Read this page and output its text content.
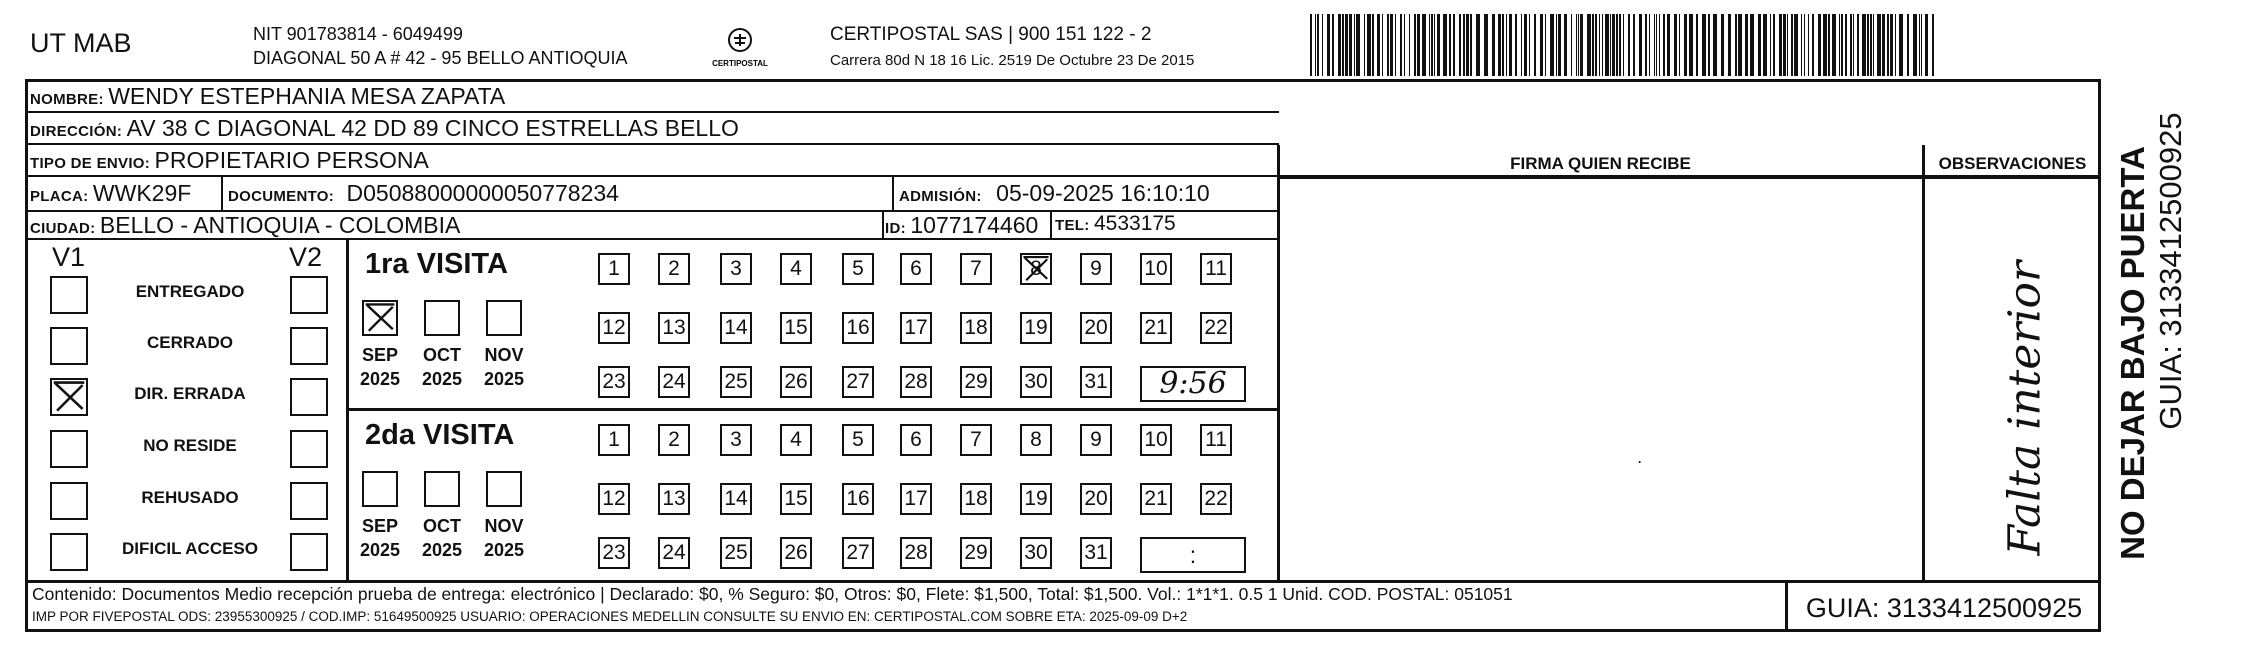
UT MAB	NIT 901783814 - 6049499
DIAGONAL 50 A # 42 - 95 BELLO ANTIOQUIA	CERTIPOSTAL
CERTIPOSTAL SAS | 900 151 122 - 2
Carrera 80d N 18 16 Lic. 2519 De Octubre 23 De 2015
NOMBRE: WENDY ESTEPHANIA MESA ZAPATA
DIRECCIÓN: AV 38 C DIAGONAL 42 DD 89 CINCO ESTRELLAS BELLO
TIPO DE ENVIO: PROPIETARIO PERSONA
PLACA: WWK29F DOCUMENTO: D05088000000050778234	ADMISIÓN: 05-09-2025 16:10:10
CIUDAD: BELLO - ANTIOQUIA - COLOMBIA	ID: 1077174460 TEL: 4533175
FIRMA QUIEN RECIBE	OBSERVACIONES
․	Falta interior
V1	V2
ENTREGADO
CERRADO
DIR. ERRADA
NO RESIDE
REHUSADO
DIFICIL ACCESO
1ra VISITA
SEP
2025
OCT
2025
NOV
2025
1	2	3	4	5	6	7	8	9	10 11
12 13 14 15 16 17 18 19 20 21 22
23 24 25 26 27 28 29 30 31	9:56
2da VISITA
SEP
2025
OCT
2025
NOV
2025
1	2	3	4	5	6	7	8	9	10 11
12 13 14 15 16 17 18 19 20 21 22
23 24 25 26 27 28 29 30 31	:
Contenido: Documentos Medio recepción prueba de entrega: electrónico | Declarado: $0, % Seguro: $0, Otros: $0, Flete: $1,500, Total: $1,500. Vol.: 1*1*1. 0.5 1 Unid. COD. POSTAL: 051051
IMP POR FIVEPOSTAL ODS: 23955300925 / COD.IMP: 51649500925 USUARIO: OPERACIONES MEDELLIN CONSULTE SU ENVIO EN: CERTIPOSTAL.COM SOBRE ETA: 2025-09-09 D+2	GUIA: 3133412500925
NO DEJAR BAJO PUERTA GUIA: 3133412500925
